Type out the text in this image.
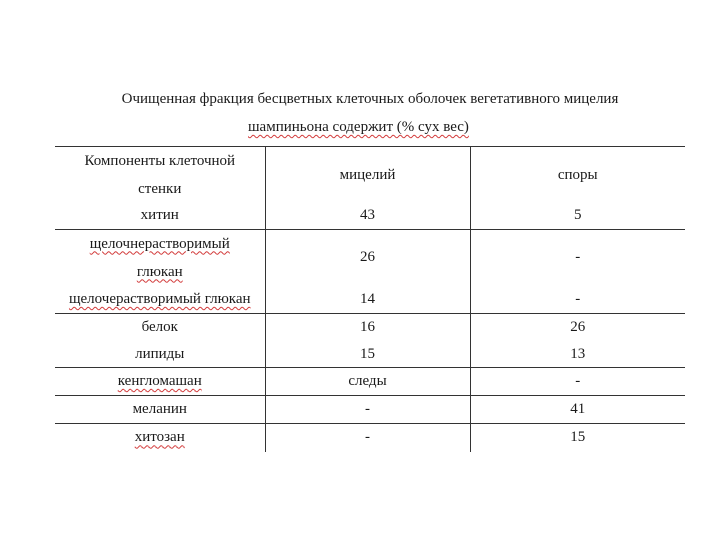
Очищенная фракция бесцветных клеточных оболочек вегетативного мицелия
шампиньона содержит (% сух вес)
Компоненты клеточной
стенки	мицелий	споры
хитин	43	5
щелочнерастворимый
глюкан	26	-
щелочерастворимый глюкан	14	-
белок	16	26
липиды	15	13
кенгломашан	следы	-
меланин	-	41
хитозан	-	15
